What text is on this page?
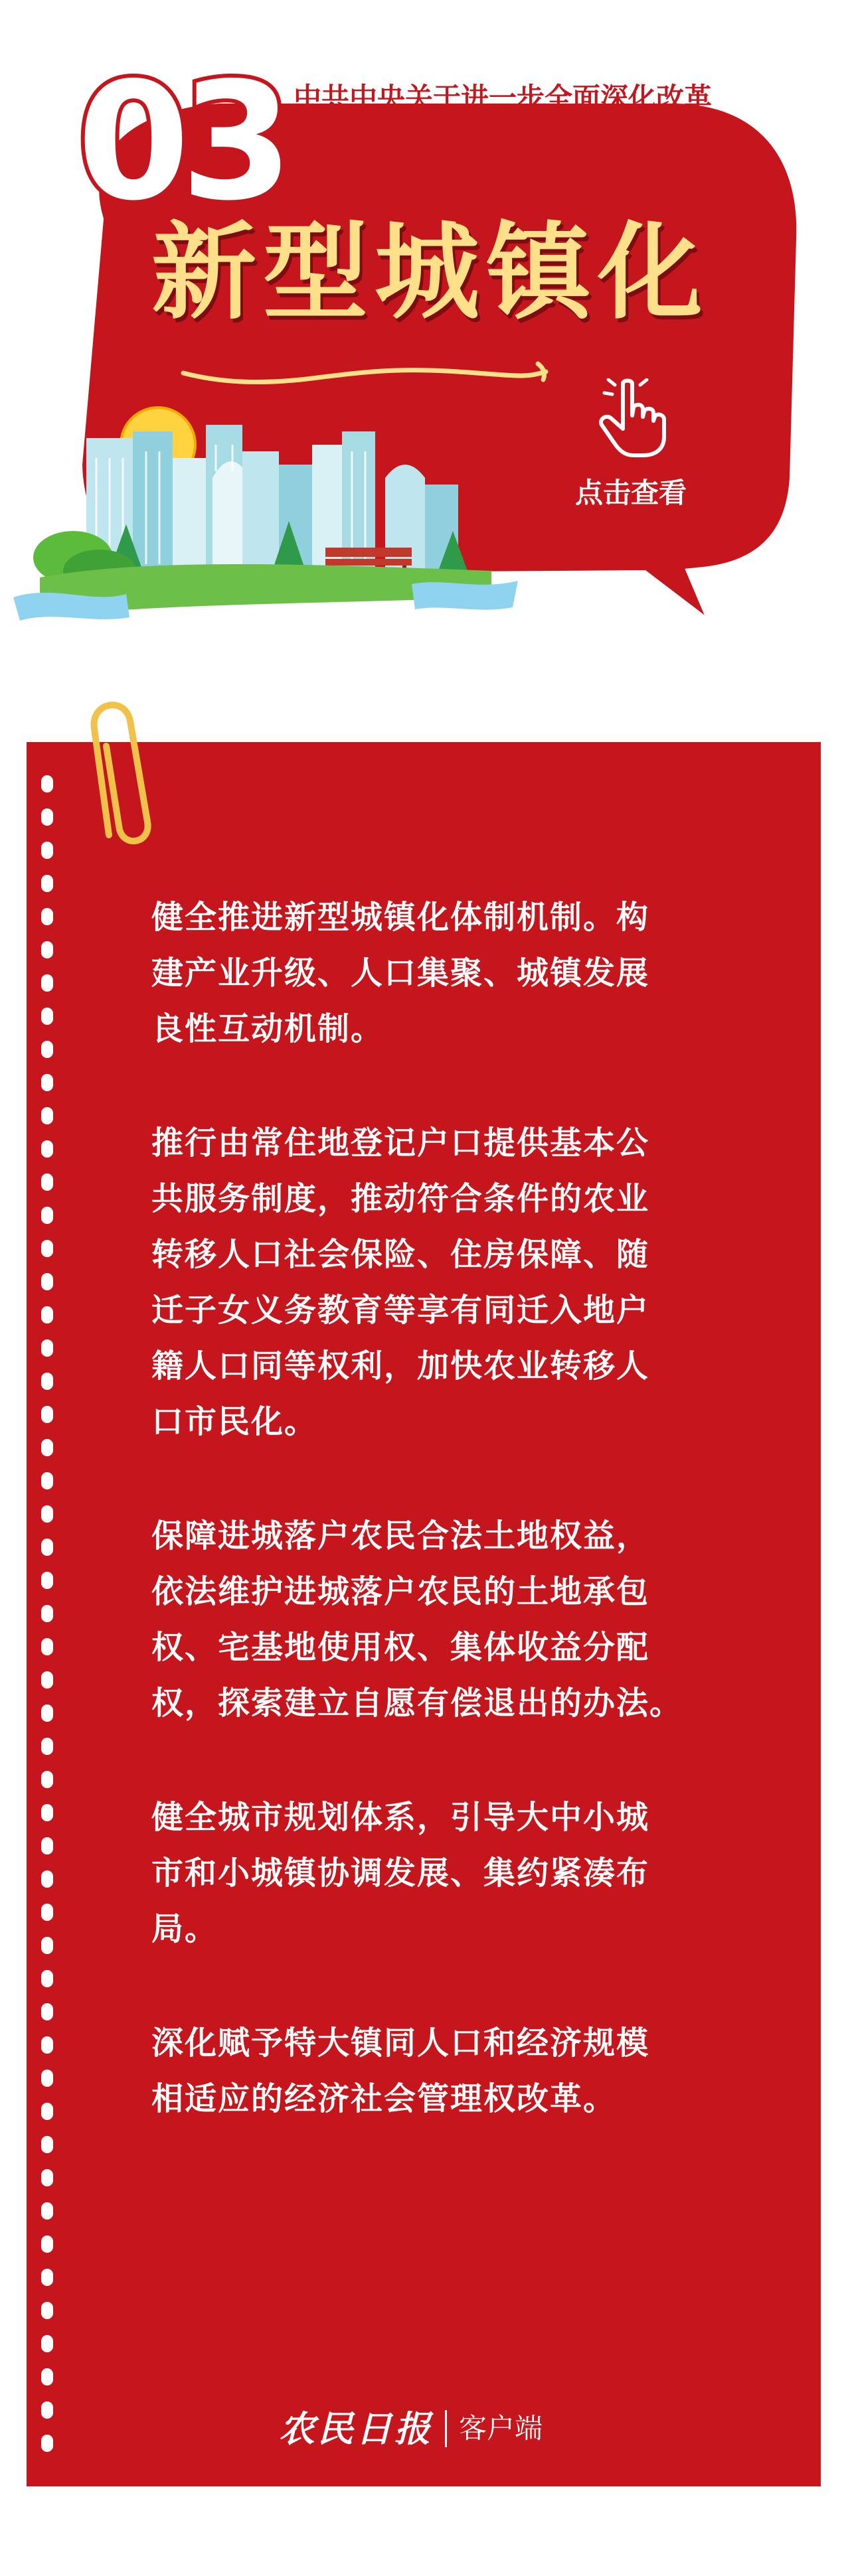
03 中共中央关于进一步全面深化改革
推进中国式现代化的决定
新型城镇化
点击查看

健全推进新型城镇化体制机制。构
建产业升级、人口集聚、城镇发展
良性互动机制。

推行由常住地登记户口提供基本公
共服务制度，推动符合条件的农业
转移人口社会保险、住房保障、随
迁子女义务教育等享有同迁入地户
籍人口同等权利，加快农业转移人
口市民化。

保障进城落户农民合法土地权益，
依法维护进城落户农民的土地承包
权、宅基地使用权、集体收益分配
权，探索建立自愿有偿退出的办法。

健全城市规划体系，引导大中小城
市和小城镇协调发展、集约紧凑布
局。

深化赋予特大镇同人口和经济规模
相适应的经济社会管理权改革。

农民日报 客户端
